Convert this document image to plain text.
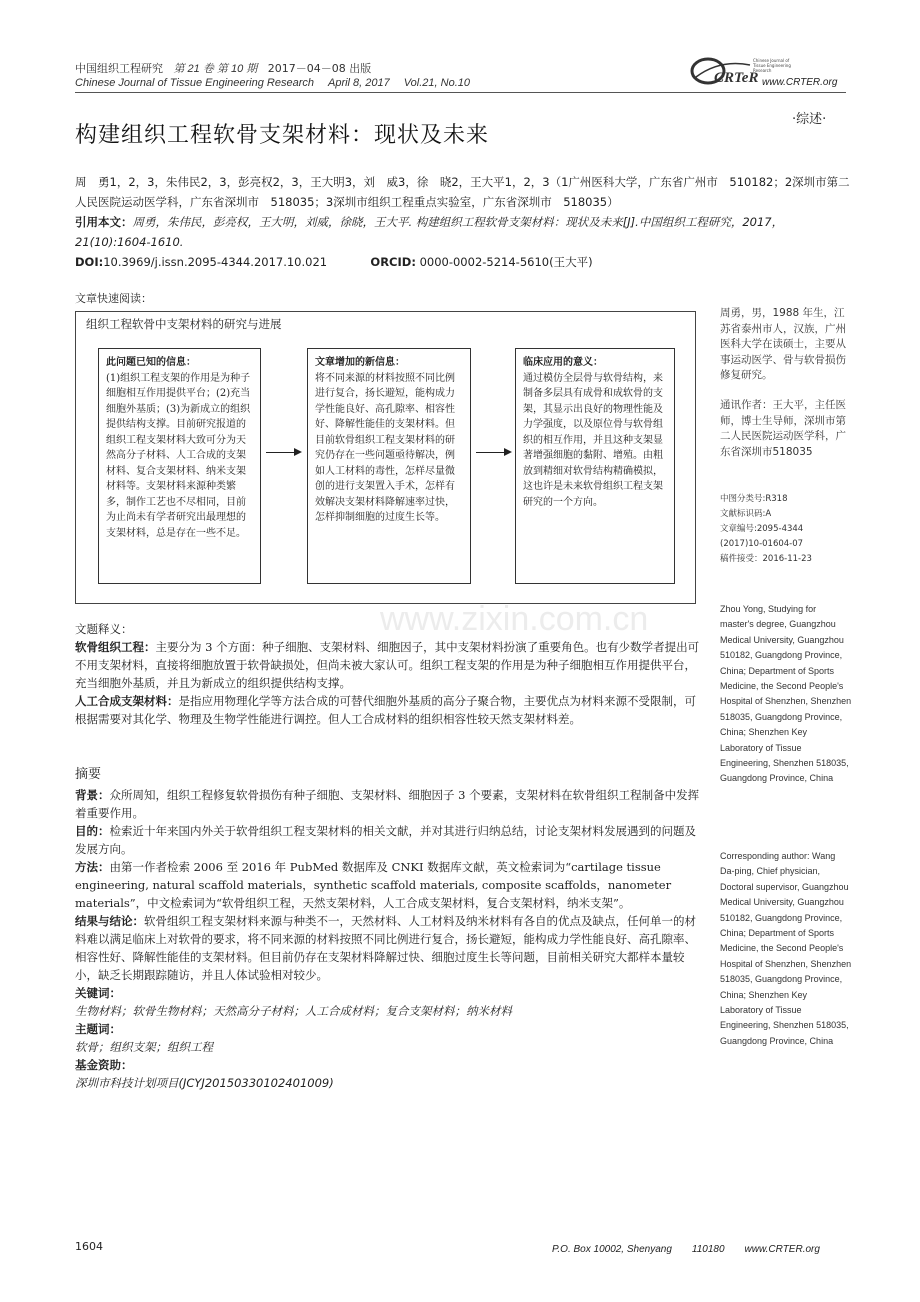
中国组织工程研究 第 21 卷 第 10 期 2017－04－08 出版
Chinese Journal of Tissue Engineering Research April 8, 2017 Vol.21, No.10	CRTeR
Chinese Journal of Tissue Engineering Research
www.CRTER.org
·综述·
构建组织工程软骨支架材料：现状及未来
周　勇1，2，3，朱伟民2，3，彭亮权2，3，王大明3，刘　威3，徐　晓2，王大平1，2，3（1广州医科大学，广东省广州市　510182；2深圳市第二人民医院运动医学科，广东省深圳市　518035；3深圳市组织工程重点实验室，广东省深圳市　518035）
引用本文：周勇，朱伟民，彭亮权，王大明，刘威，徐晓，王大平. 构建组织工程软骨支架材料：现状及未来[J].中国组织工程研究，2017，21(10):1604-1610.
DOI:10.3969/j.issn.2095-4344.2017.10.021	ORCID: 0000-0002-5214-5610(王大平)
文章快速阅读：
组织工程软骨中支架材料的研究与进展
此问题已知的信息：
(1)组织工程支架的作用是为种子细胞相互作用提供平台；(2)充当细胞外基质；(3)为新成立的组织提供结构支撑。目前研究报道的组织工程支架材料大致可分为天然高分子材料、人工合成的支架材料、复合支架材料、纳米支架材料等。支架材料来源种类繁多，制作工艺也不尽相同，目前为止尚未有学者研究出最理想的支架材料，总是存在一些不足。
文章增加的新信息：
将不同来源的材料按照不同比例进行复合，扬长避短，能构成力学性能良好、高孔隙率、相容性好、降解性能佳的支架材料。但目前软骨组织工程支架材料的研究仍存在一些问题亟待解决，例如人工材料的毒性，怎样尽量微创的进行支架置入手术，怎样有效解决支架材料降解速率过快，怎样抑制细胞的过度生长等。
临床应用的意义：
通过模仿全层骨与软骨结构，来制备多层具有成骨和成软骨的支架，其显示出良好的物理性能及力学强度，以及原位骨与软骨组织的相互作用，并且这种支架显著增强细胞的黏附、增殖。由粗放到精细对软骨结构精确模拟，这也许是未来软骨组织工程支架研究的一个方向。
周勇，男，1988 年生，江苏省泰州市人，汉族，广州医科大学在读硕士，主要从事运动医学、骨与软骨损伤修复研究。
通讯作者：王大平，主任医师，博士生导师，深圳市第二人民医院运动医学科，广东省深圳市518035
中图分类号:R318
文献标识码:A
文章编号:2095-4344
(2017)10-01604-07
稿件接受：2016-11-23
Zhou Yong, Studying for master's degree, Guangzhou Medical University, Guangzhou 510182, Guangdong Province, China; Department of Sports Medicine, the Second People's Hospital of Shenzhen, Shenzhen 518035, Guangdong Province, China; Shenzhen Key Laboratory of Tissue Engineering, Shenzhen 518035, Guangdong Province, China
Corresponding author: Wang Da-ping, Chief physician, Doctoral supervisor, Guangzhou Medical University, Guangzhou 510182, Guangdong Province, China; Department of Sports Medicine, the Second People's Hospital of Shenzhen, Shenzhen 518035, Guangdong Province, China; Shenzhen Key Laboratory of Tissue Engineering, Shenzhen 518035, Guangdong Province, China
www.zixin.com.cn
文题释义：
软骨组织工程：主要分为 3 个方面：种子细胞、支架材料、细胞因子，其中支架材料扮演了重要角色。也有少数学者提出可不用支架材料，直接将细胞放置于软骨缺损处，但尚未被大家认可。组织工程支架的作用是为种子细胞相互作用提供平台，充当细胞外基质，并且为新成立的组织提供结构支撑。
人工合成支架材料：是指应用物理化学等方法合成的可替代细胞外基质的高分子聚合物，主要优点为材料来源不受限制，可根据需要对其化学、物理及生物学性能进行调控。但人工合成材料的组织相容性较天然支架材料差。
摘要
背景：众所周知，组织工程修复软骨损伤有种子细胞、支架材料、细胞因子 3 个要素，支架材料在软骨组织工程制备中发挥着重要作用。
目的：检索近十年来国内外关于软骨组织工程支架材料的相关文献，并对其进行归纳总结，讨论支架材料发展遇到的问题及发展方向。
方法：由第一作者检索 2006 至 2016 年 PubMed 数据库及 CNKI 数据库文献，英文检索词为“cartilage tissue engineering, natural scaffold materials，synthetic scaffold materials, composite scaffolds，nanometer materials”，中文检索词为“软骨组织工程，天然支架材料，人工合成支架材料，复合支架材料，纳米支架”。
结果与结论：软骨组织工程支架材料来源与种类不一，天然材料、人工材料及纳米材料有各自的优点及缺点，任何单一的材料难以满足临床上对软骨的要求，将不同来源的材料按照不同比例进行复合，扬长避短，能构成力学性能良好、高孔隙率、相容性好、降解性能佳的支架材料。但目前仍存在支架材料降解过快、细胞过度生长等问题，目前相关研究大都样本量较小，缺乏长期跟踪随访，并且人体试验相对较少。
关键词：
生物材料；软骨生物材料；天然高分子材料；人工合成材料；复合支架材料；纳米材料
主题词：
软骨；组织支架；组织工程
基金资助：
深圳市科技计划项目(JCYJ20150330102401009)
1604	P.O. Box 10002, Shenyang　　110180　　www.CRTER.org
